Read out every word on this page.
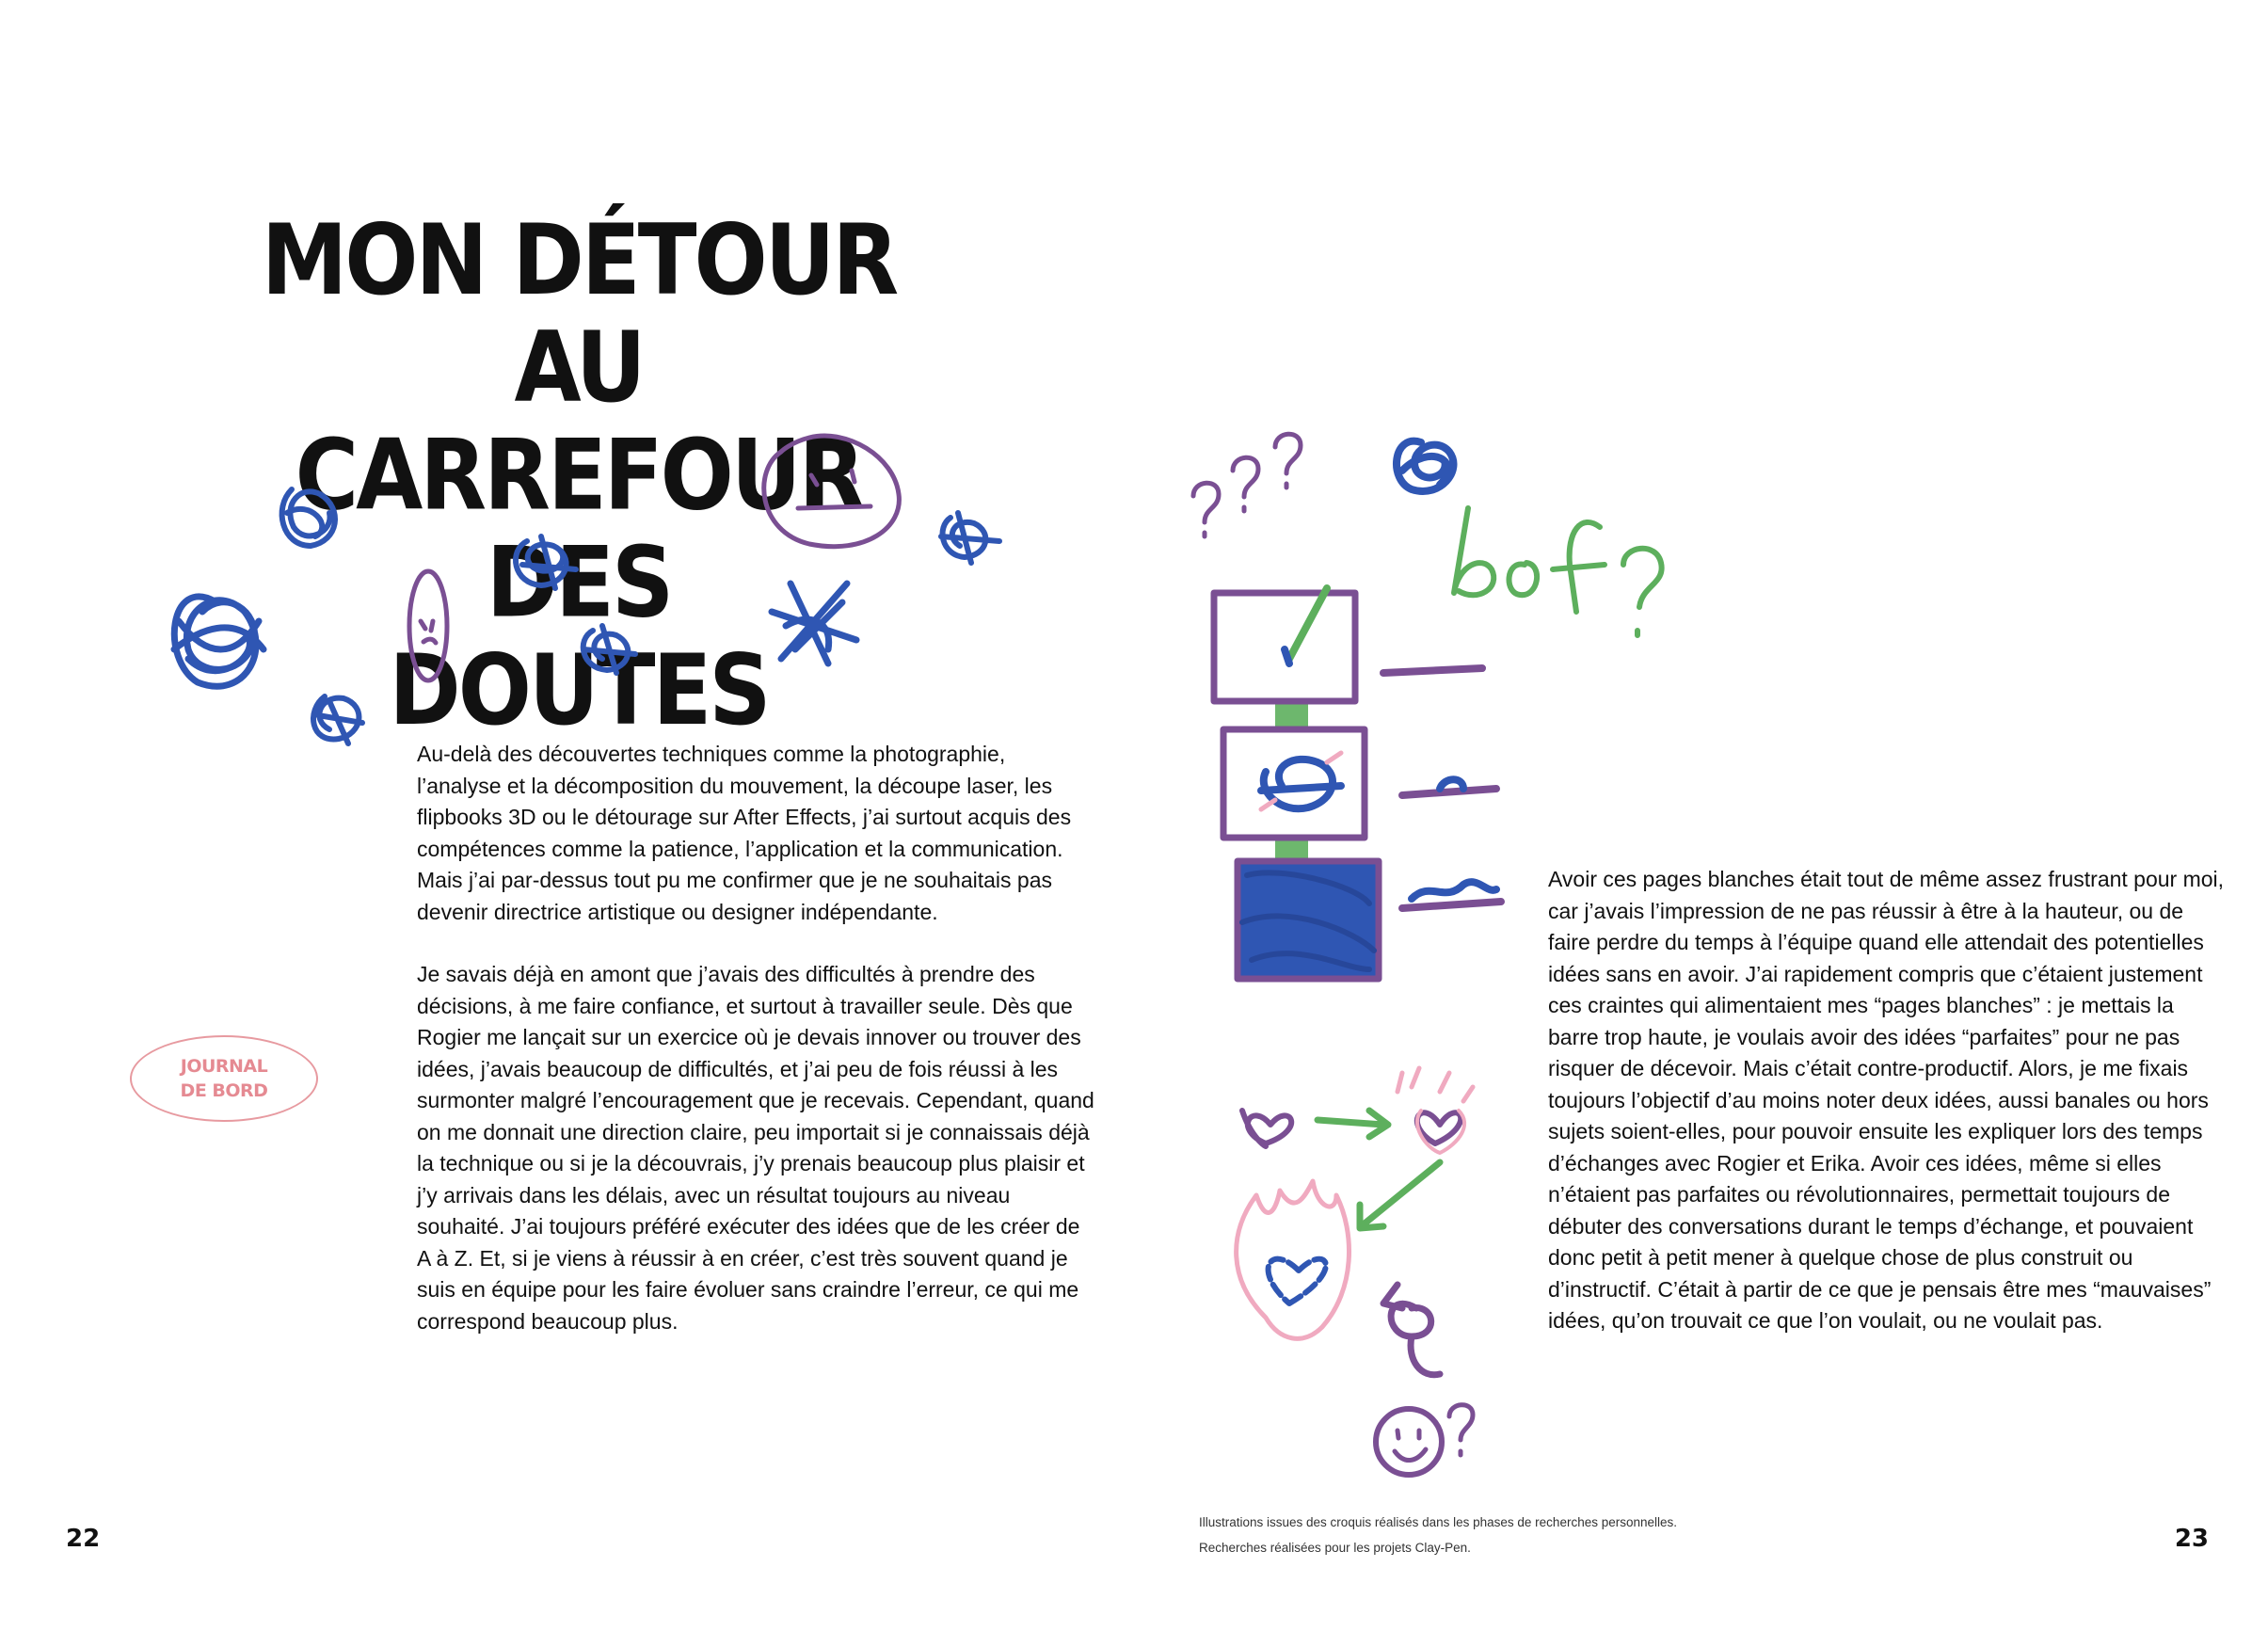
MON DÉTOUR AU
CARREFOUR DES
DOUTES
???

Au-delà des découvertes techniques comme la photographie, l’analyse et la décomposition du mouvement, la découpe laser, les flipbooks 3D ou le détourage sur After Effects, j’ai surtout acquis des compétences comme la patience, l’application et la communication. Mais j’ai par-dessus tout pu me confirmer que je ne souhaitais pas devenir directrice artistique ou designer indépendante.

Je savais déjà en amont que j’avais des difficultés à prendre des décisions, à me faire confiance, et surtout à travailler seule. Dès que Rogier me lançait sur un exercice où je devais innover ou trouver des idées, j’avais beaucoup de difficultés, et j’ai peu de fois réussi à les surmonter malgré l’encouragement que je recevais. Cependant, quand on me donnait une direction claire, peu importait si je connaissais déjà la technique ou si je la découvrais, j’y prenais beaucoup plus plaisir et j’y arrivais dans les délais, avec un résultat toujours au niveau souhaité. J’ai toujours préféré exécuter des idées que de les créer de A à Z. Et, si je viens à réussir à en créer, c’est très souvent quand je suis en équipe pour les faire évoluer sans craindre l’erreur, ce qui me correspond beaucoup plus.

Avoir ces pages blanches était tout de même assez frustrant pour moi, car j’avais l’impression de ne pas réussir à être à la hauteur, ou de faire perdre du temps à l’équipe quand elle attendait des potentielles idées sans en avoir. J’ai rapidement compris que c’étaient justement ces craintes qui alimentaient mes “pages blanches” : je mettais la barre trop haute, je voulais avoir des idées “parfaites” pour ne pas risquer de décevoir. Mais c’était contre-productif. Alors, je me fixais toujours l’objectif d’au moins noter deux idées, aussi banales ou hors sujets soient-elles, pour pouvoir ensuite les expliquer lors des temps d’échanges avec Rogier et Erika. Avoir ces idées, même si elles n’étaient pas parfaites ou révolutionnaires, permettait toujours de débuter des conversations durant le temps d’échange, et pouvaient donc petit à petit mener à quelque chose de plus construit ou d’instructif. C’était à partir de ce que je pensais être mes “mauvaises” idées, qu’on trouvait ce que l’on voulait, ou ne voulait pas.

JOURNAL
DE BORD
Illustrations issues des croquis réalisés dans les phases de recherches personnelles.
Recherches réalisées pour les projets Clay-Pen.
22	23
